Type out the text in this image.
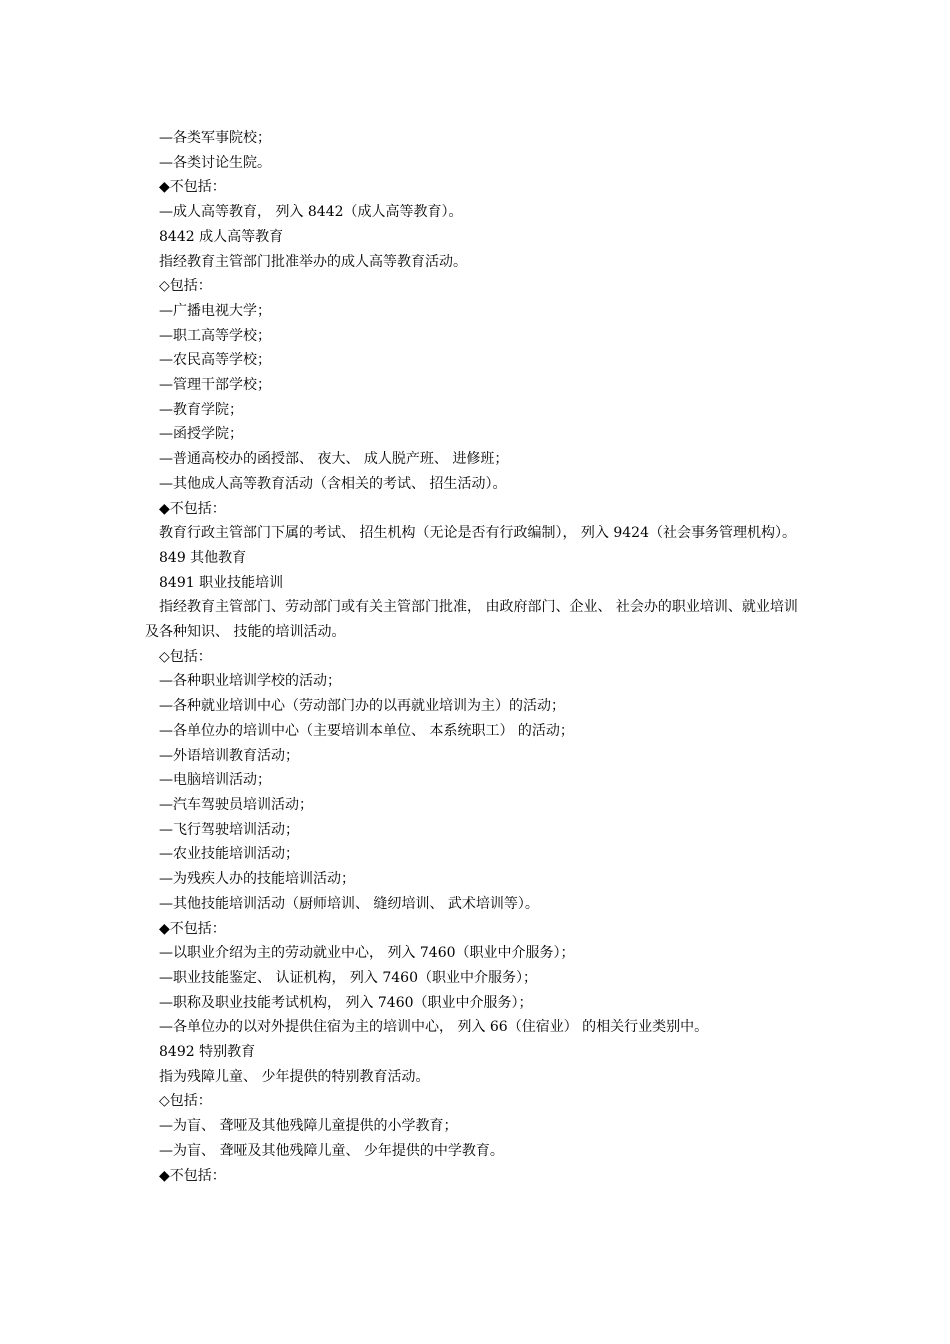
—各类军事院校；
—各类讨论生院。
◆不包括：
—成人高等教育， 列入 8442（成人高等教育）。
8442 成人高等教育
指经教育主管部门批准举办的成人高等教育活动。
◇包括：
—广播电视大学；
—职工高等学校；
—农民高等学校；
—管理干部学校；
—教育学院；
—函授学院；
—普通高校办的函授部、 夜大、 成人脱产班、 进修班；
—其他成人高等教育活动（含相关的考试、 招生活动）。
◆不包括：
教育行政主管部门下属的考试、 招生机构（无论是否有行政编制）， 列入 9424（社会事务管理机构）。
849 其他教育
8491 职业技能培训
指经教育主管部门、劳动部门或有关主管部门批准， 由政府部门、企业、 社会办的职业培训、就业培训及各种知识、 技能的培训活动。
◇包括：
—各种职业培训学校的活动；
—各种就业培训中心（劳动部门办的以再就业培训为主）的活动；
—各单位办的培训中心（主要培训本单位、 本系统职工） 的活动；
—外语培训教育活动；
—电脑培训活动；
—汽车驾驶员培训活动；
—飞行驾驶培训活动；
—农业技能培训活动；
—为残疾人办的技能培训活动；
—其他技能培训活动（厨师培训、 缝纫培训、 武术培训等）。
◆不包括：
—以职业介绍为主的劳动就业中心， 列入 7460（职业中介服务）；
—职业技能鉴定、 认证机构， 列入 7460（职业中介服务）；
—职称及职业技能考试机构， 列入 7460（职业中介服务）；
—各单位办的以对外提供住宿为主的培训中心， 列入 66（住宿业） 的相关行业类别中。
8492 特别教育
指为残障儿童、 少年提供的特别教育活动。
◇包括：
—为盲、 聋哑及其他残障儿童提供的小学教育；
—为盲、 聋哑及其他残障儿童、 少年提供的中学教育。
◆不包括：
